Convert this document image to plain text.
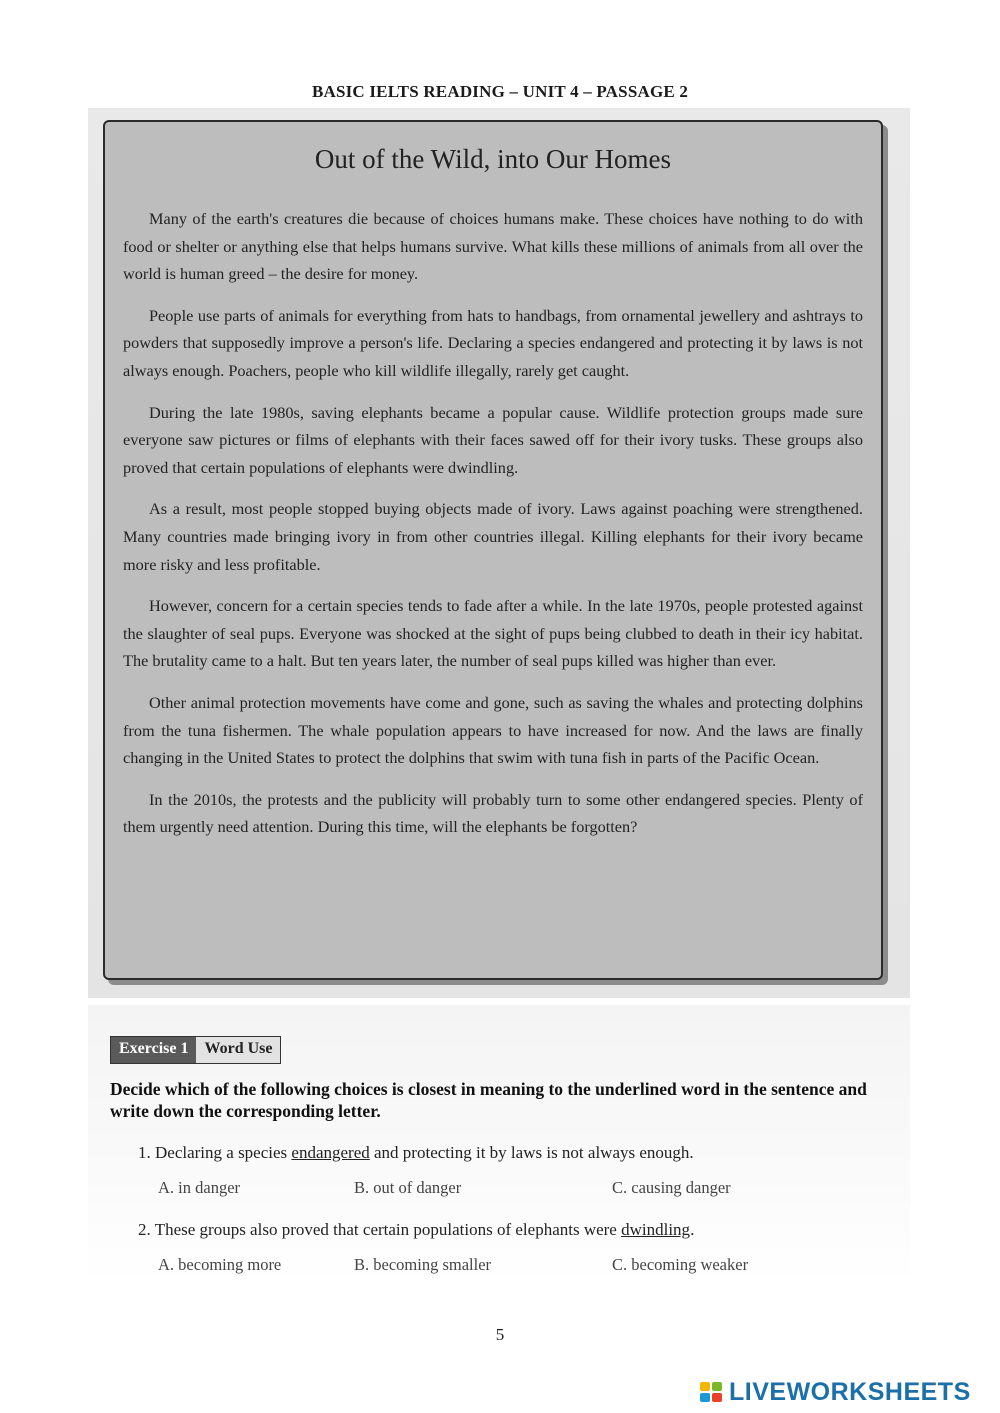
BASIC IELTS READING – UNIT 4 – PASSAGE 2
Out of the Wild, into Our Homes

Many of the earth's creatures die because of choices humans make. These choices have nothing to do with food or shelter or anything else that helps humans survive. What kills these millions of animals from all over the world is human greed – the desire for money.

People use parts of animals for everything from hats to handbags, from ornamental jewellery and ashtrays to powders that supposedly improve a person's life. Declaring a species endangered and protecting it by laws is not always enough. Poachers, people who kill wildlife illegally, rarely get caught.

During the late 1980s, saving elephants became a popular cause. Wildlife protection groups made sure everyone saw pictures or films of elephants with their faces sawed off for their ivory tusks. These groups also proved that certain populations of elephants were dwindling.

As a result, most people stopped buying objects made of ivory. Laws against poaching were strengthened. Many countries made bringing ivory in from other countries illegal. Killing elephants for their ivory became more risky and less profitable.

However, concern for a certain species tends to fade after a while. In the late 1970s, people protested against the slaughter of seal pups. Everyone was shocked at the sight of pups being clubbed to death in their icy habitat. The brutality came to a halt. But ten years later, the number of seal pups killed was higher than ever.

Other animal protection movements have come and gone, such as saving the whales and protecting dolphins from the tuna fishermen. The whale population appears to have increased for now. And the laws are finally changing in the United States to protect the dolphins that swim with tuna fish in parts of the Pacific Ocean.

In the 2010s, the protests and the publicity will probably turn to some other endangered species. Plenty of them urgently need attention. During this time, will the elephants be forgotten?

Exercise 1	Word Use
Decide which of the following choices is closest in meaning to the underlined word in the sentence and write down the corresponding letter.
1. Declaring a species endangered and protecting it by laws is not always enough.
A. in danger	B. out of danger	C. causing danger
2. These groups also proved that certain populations of elephants were dwindling.
A. becoming more	B. becoming smaller	C. becoming weaker
5
LIVEWORKSHEETS
